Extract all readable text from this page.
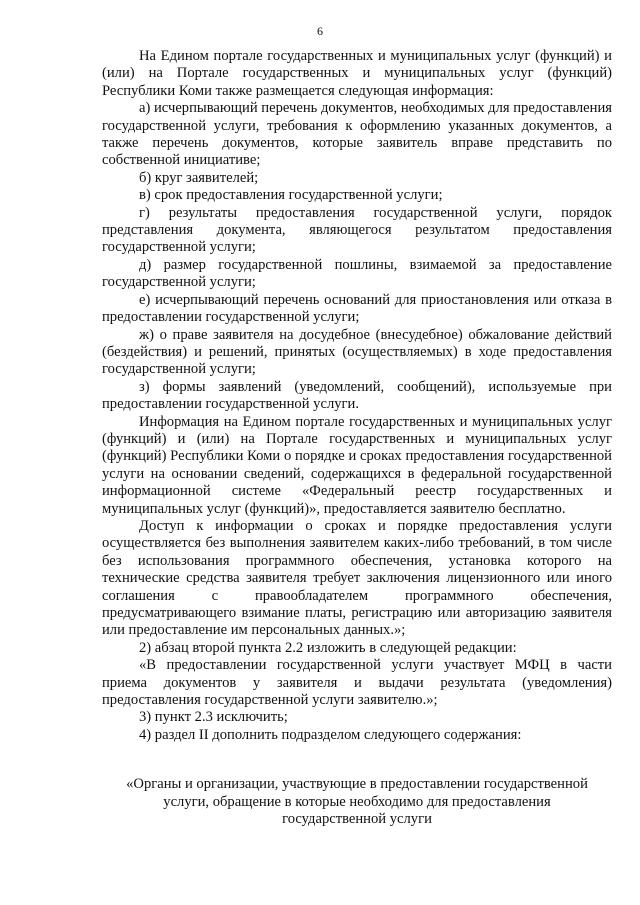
6

На Едином портале государственных и муниципальных услуг (функций) и (или) на Портале государственных и муниципальных услуг (функций) Республики Коми также размещается следующая информация:

а) исчерпывающий перечень документов, необходимых для предоставления государственной услуги, требования к оформлению указанных документов, а также перечень документов, которые заявитель вправе представить по собственной инициативе;

б) круг заявителей;

в) срок предоставления государственной услуги;

г) результаты предоставления государственной услуги, порядок представления документа, являющегося результатом предоставления государственной услуги;

д) размер государственной пошлины, взимаемой за предоставление государственной услуги;

е) исчерпывающий перечень оснований для приостановления или отказа в предоставлении государственной услуги;

ж) о праве заявителя на досудебное (внесудебное) обжалование действий (бездействия) и решений, принятых (осуществляемых) в ходе предоставления государственной услуги;

з) формы заявлений (уведомлений, сообщений), используемые при предоставлении государственной услуги.

Информация на Едином портале государственных и муниципальных услуг (функций) и (или) на Портале государственных и муниципальных услуг (функций) Республики Коми о порядке и сроках предоставления государственной услуги на основании сведений, содержащихся в федеральной государственной информационной системе «Федеральный реестр государственных и муниципальных услуг (функций)», предоставляется заявителю бесплатно.

Доступ к информации о сроках и порядке предоставления услуги осуществляется без выполнения заявителем каких-либо требований, в том числе без использования программного обеспечения, установка которого на технические средства заявителя требует заключения лицензионного или иного соглашения с правообладателем программного обеспечения, предусматривающего взимание платы, регистрацию или авторизацию заявителя или предоставление им персональных данных.»;

2) абзац второй пункта 2.2 изложить в следующей редакции:

«В предоставлении государственной услуги участвует МФЦ в части приема документов у заявителя и выдачи результата (уведомления) предоставления государственной услуги заявителю.»;

3) пункт 2.3 исключить;

4) раздел II дополнить подразделом следующего содержания:

«Органы и организации, участвующие в предоставлении государственной
услуги, обращение в которые необходимо для предоставления
государственной услуги
